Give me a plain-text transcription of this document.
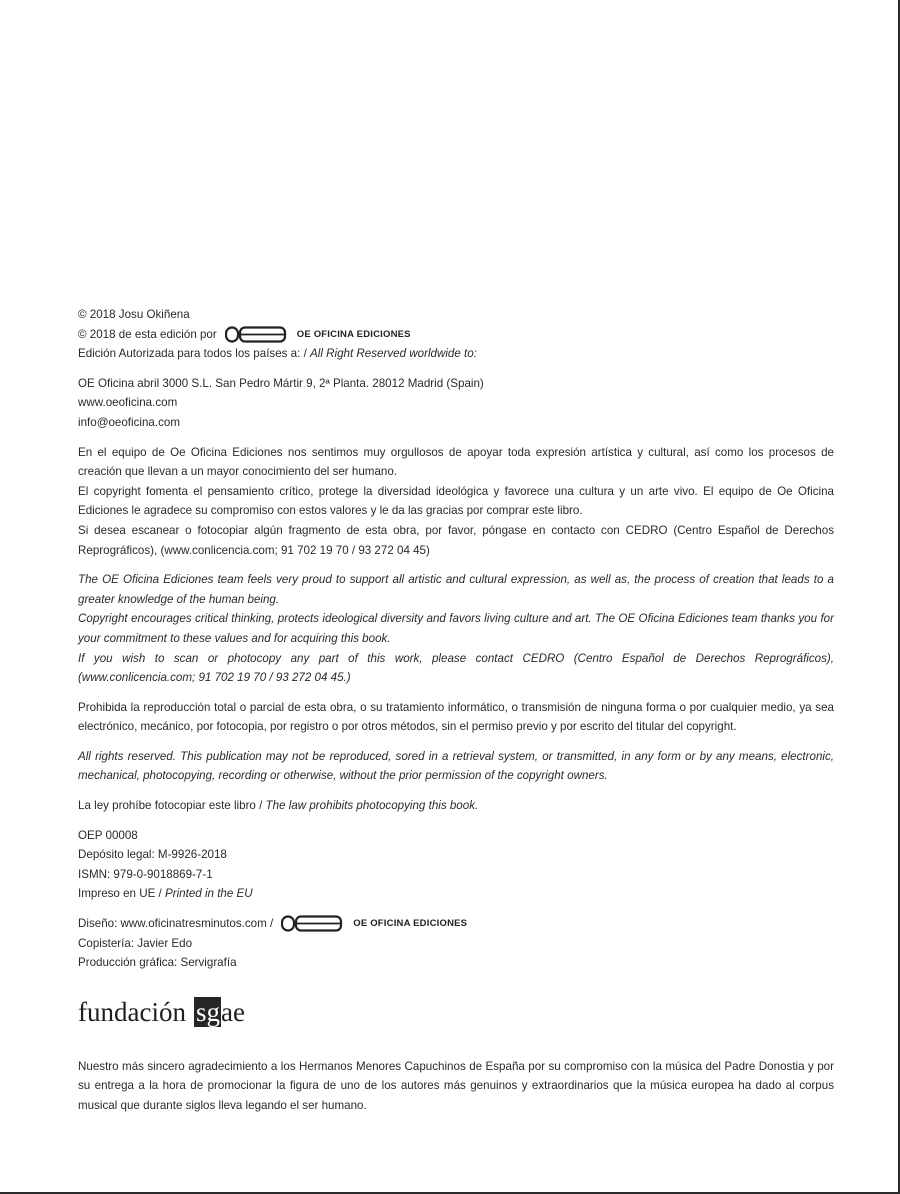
© 2018 Josu Okiñena

© 2018 de esta edición por	OE OFICINA EDICIONES

Edición Autorizada para todos los países a: / All Right Reserved worldwide to:

OE Oficina abril 3000 S.L. San Pedro Mártir 9, 2ª Planta. 28012 Madrid (Spain)

www.oeoficina.com

info@oeoficina.com

En el equipo de Oe Oficina Ediciones nos sentimos muy orgullosos de apoyar toda expresión artística y cultural, así como los procesos de creación que llevan a un mayor conocimiento del ser humano.

El copyright fomenta el pensamiento crítico, protege la diversidad ideológica y favorece una cultura y un arte vivo. El equipo de Oe Oficina Ediciones le agradece su compromiso con estos valores y le da las gracias por comprar este libro.

Si desea escanear o fotocopiar algún fragmento de esta obra, por favor, póngase en contacto con CEDRO (Centro Español de Derechos Reprográficos), (www.conlicencia.com; 91 702 19 70 / 93 272 04 45)

The OE Oficina Ediciones team feels very proud to support all artistic and cultural expression, as well as, the process of creation that leads to a greater knowledge of the human being.

Copyright encourages critical thinking, protects ideological diversity and favors living culture and art. The OE Oficina Ediciones team thanks you for your commitment to these values and for acquiring this book.

If you wish to scan or photocopy any part of this work, please contact CEDRO (Centro Español de Derechos Reprográficos), (www.conlicencia.com; 91 702 19 70 / 93 272 04 45.)

Prohibida la reproducción total o parcial de esta obra, o su tratamiento informático, o transmisión de ninguna forma o por cualquier medio, ya sea electrónico, mecánico, por fotocopia, por registro o por otros métodos, sin el permiso previo y por escrito del titular del copyright.

All rights reserved. This publication may not be reproduced, sored in a retrieval system, or transmitted, in any form or by any means, electronic, mechanical, photocopying, recording or otherwise, without the prior permission of the copyright owners.

La ley prohíbe fotocopiar este libro / The law prohibits photocopying this book.

OEP 00008

Depósito legal: M-9926-2018

ISMN: 979-0-9018869-7-1

Impreso en UE / Printed in the EU

Diseño: www.oficinatresminutos.com /	OE OFICINA EDICIONES

Copistería: Javier Edo

Producción gráfica: Servigrafía

fundación sg ae

Nuestro más sincero agradecimiento a los Hermanos Menores Capuchinos de España por su compromiso con la música del Padre Donostia y por su entrega a la hora de promocionar la figura de uno de los autores más genuinos y extraordinarios que la música europea ha dado al corpus musical que durante siglos lleva legando el ser humano.
